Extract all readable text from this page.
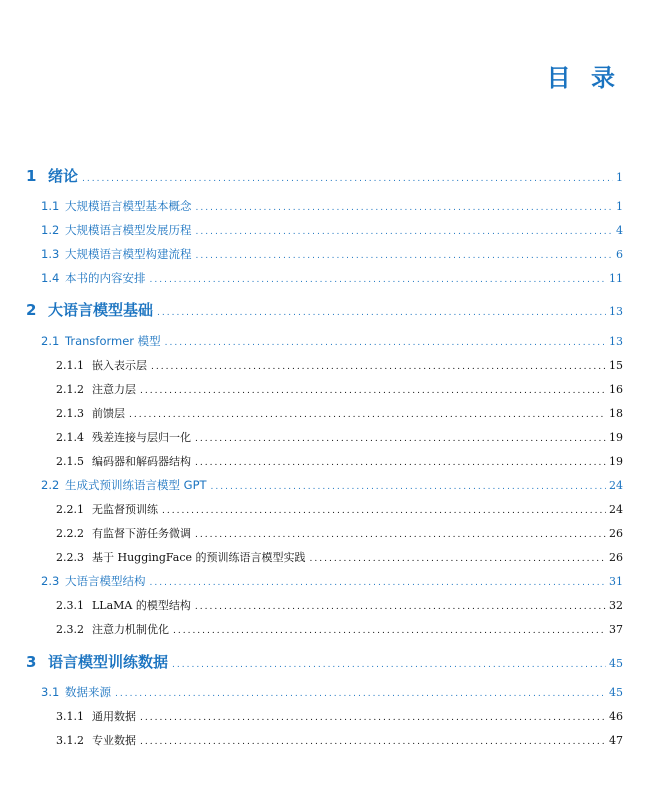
目 录
1 绪论 .....	1
1.1 大规模语言模型基本概念 .....	1
1.2 大规模语言模型发展历程 .....	4
1.3 大规模语言模型构建流程 .....	6
1.4 本书的内容安排 .....	11
2 大语言模型基础 .....	13
2.1 Transformer 模型 .....	13
2.1.1 嵌入表示层 .....	15
2.1.2 注意力层 .....	16
2.1.3 前馈层 .....	18
2.1.4 残差连接与层归一化 .....	19
2.1.5 编码器和解码器结构 .....	19
2.2 生成式预训练语言模型 GPT .....	24
2.2.1 无监督预训练 .....	24
2.2.2 有监督下游任务微调 .....	26
2.2.3 基于 HuggingFace 的预训练语言模型实践 .....	26
2.3 大语言模型结构 .....	31
2.3.1 LLaMA 的模型结构 .....	32
2.3.2 注意力机制优化 .....	37
3 语言模型训练数据 .....	45
3.1 数据来源 .....	45
3.1.1 通用数据 .....	46
3.1.2 专业数据 .....	47
